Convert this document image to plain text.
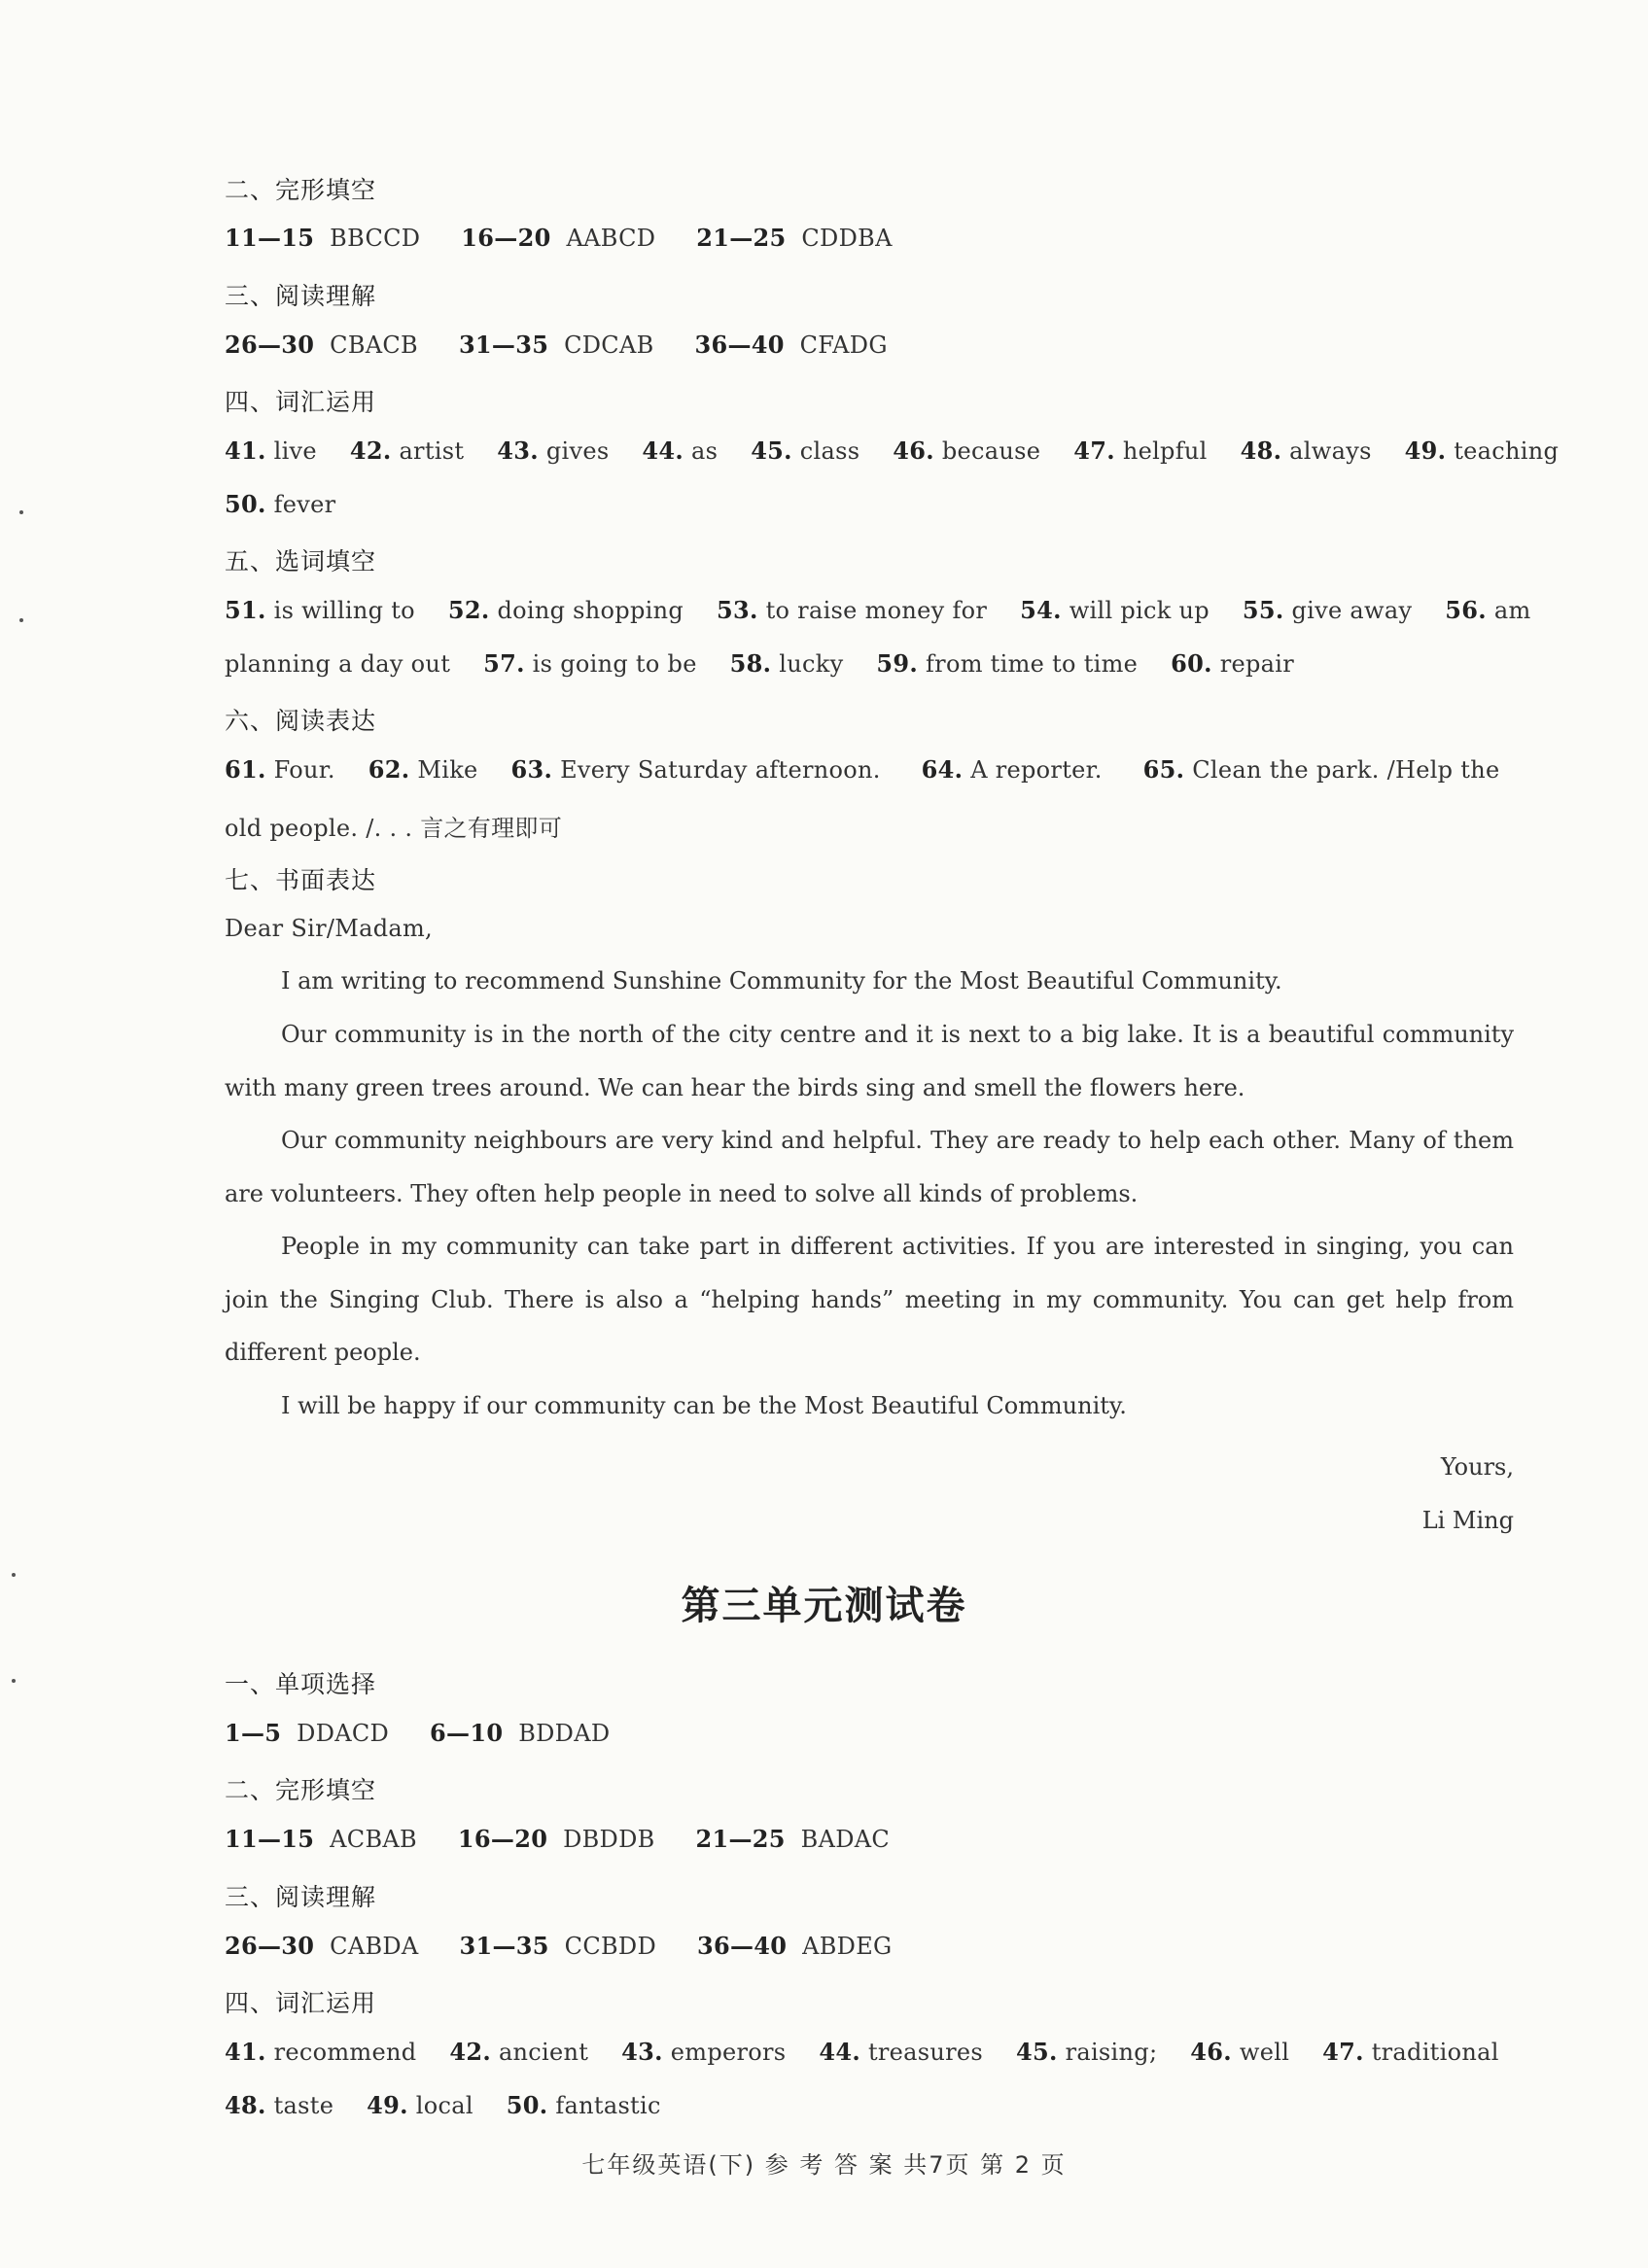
二、完形填空
11—15 BBCCD 16—20 AABCD 21—25 CDDBA
三、阅读理解
26—30 CBACB 31—35 CDCAB 36—40 CFADG
四、词汇运用
41. live 42. artist 43. gives 44. as 45. class 46. because 47. helpful 48. always 49. teaching
50. fever
五、选词填空
51. is willing to 52. doing shopping 53. to raise money for 54. will pick up 55. give away 56. am
planning a day out 57. is going to be 58. lucky 59. from time to time 60. repair
六、阅读表达
61. Four. 62. Mike 63. Every Saturday afternoon. 64. A reporter. 65. Clean the park. /Help the
old people. /. . . 言之有理即可
七、书面表达
Dear Sir/Madam,
I am writing to recommend Sunshine Community for the Most Beautiful Community.
Our community is in the north of the city centre and it is next to a big lake. It is a beautiful community with many green trees around. We can hear the birds sing and smell the flowers here.
Our community neighbours are very kind and helpful. They are ready to help each other. Many of them are volunteers. They often help people in need to solve all kinds of problems.
People in my community can take part in different activities. If you are interested in singing, you can join the Singing Club. There is also a “helping hands” meeting in my community. You can get help from different people.
I will be happy if our community can be the Most Beautiful Community.
Yours,
Li Ming
第三单元测试卷
一、单项选择
1—5 DDACD 6—10 BDDAD
二、完形填空
11—15 ACBAB 16—20 DBDDB 21—25 BADAC
三、阅读理解
26—30 CABDA 31—35 CCBDD 36—40 ABDEG
四、词汇运用
41. recommend 42. ancient 43. emperors 44. treasures 45. raising; 46. well 47. traditional
48. taste 49. local 50. fantastic
七年级英语(下) 参 考 答 案 共7页 第 2 页
